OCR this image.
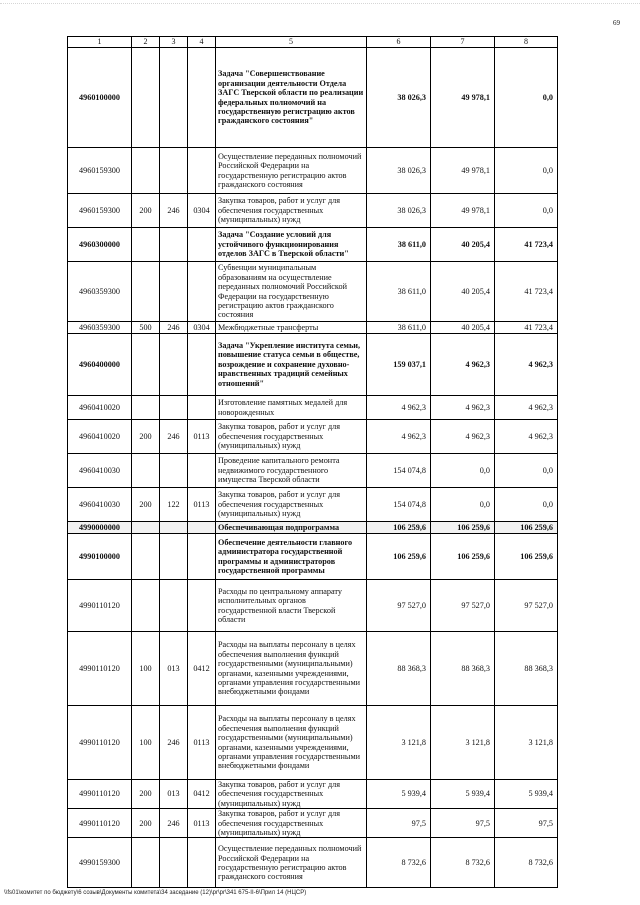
69
1	2	3	4	5	6	7	8
4960100000				Задача "Совершенствование организации деятельности Отдела ЗАГС Тверской области по реализации федеральных полномочий на государственную регистрацию актов гражданского состояния"	38 026,3	49 978,1	0,0
4960159300				Осуществление переданных полномочий Российской Федерации на государственную регистрацию актов гражданского состояния	38 026,3	49 978,1	0,0
4960159300	200	246	0304	Закупка товаров, работ и услуг для обеспечения государственных (муниципальных) нужд	38 026,3	49 978,1	0,0
4960300000				Задача "Создание условий для устойчивого функционирования отделов ЗАГС в Тверской области"	38 611,0	40 205,4	41 723,4
4960359300				Субвенции муниципальным образованиям на осуществление переданных полномочий Российской Федерации на государственную регистрацию актов гражданского состояния	38 611,0	40 205,4	41 723,4
4960359300	500	246	0304	Межбюджетные трансферты	38 611,0	40 205,4	41 723,4
4960400000				Задача "Укрепление института семьи, повышение статуса семьи в обществе, возрождение и сохранение духовно-нравственных традиций семейных отношений"	159 037,1	4 962,3	4 962,3
4960410020				Изготовление памятных медалей для новорожденных	4 962,3	4 962,3	4 962,3
4960410020	200	246	0113	Закупка товаров, работ и услуг для обеспечения государственных (муниципальных) нужд	4 962,3	4 962,3	4 962,3
4960410030				Проведение капитального ремонта недвижимого государственного имущества Тверской области	154 074,8	0,0	0,0
4960410030	200	122	0113	Закупка товаров, работ и услуг для обеспечения государственных (муниципальных) нужд	154 074,8	0,0	0,0
4990000000				Обеспечивающая подпрограмма	106 259,6	106 259,6	106 259,6
4990100000				Обеспечение деятельности главного администратора государственной программы и администраторов государственной программы	106 259,6	106 259,6	106 259,6
4990110120				Расходы по центральному аппарату исполнительных органов государственной власти Тверской области	97 527,0	97 527,0	97 527,0
4990110120	100	013	0412	Расходы на выплаты персоналу в целях обеспечения выполнения функций государственными (муниципальными) органами, казенными учреждениями, органами управления государственными внебюджетными фондами	88 368,3	88 368,3	88 368,3
4990110120	100	246	0113	Расходы на выплаты персоналу в целях обеспечения выполнения функций государственными (муниципальными) органами, казенными учреждениями, органами управления государственными внебюджетными фондами	3 121,8	3 121,8	3 121,8
4990110120	200	013	0412	Закупка товаров, работ и услуг для обеспечения государственных (муниципальных) нужд	5 939,4	5 939,4	5 939,4
4990110120	200	246	0113	Закупка товаров, работ и услуг для обеспечения государственных (муниципальных) нужд	97,5	97,5	97,5
4990159300				Осуществление переданных полномочий Российской Федерации на государственную регистрацию актов гражданского состояния	8 732,6	8 732,6	8 732,6
\\fs01\комитет по бюджету\6 созыв\Документы комитета\34 заседание (12)\pr\pr\341 675-II-6\Прил 14 (НЦСР)
